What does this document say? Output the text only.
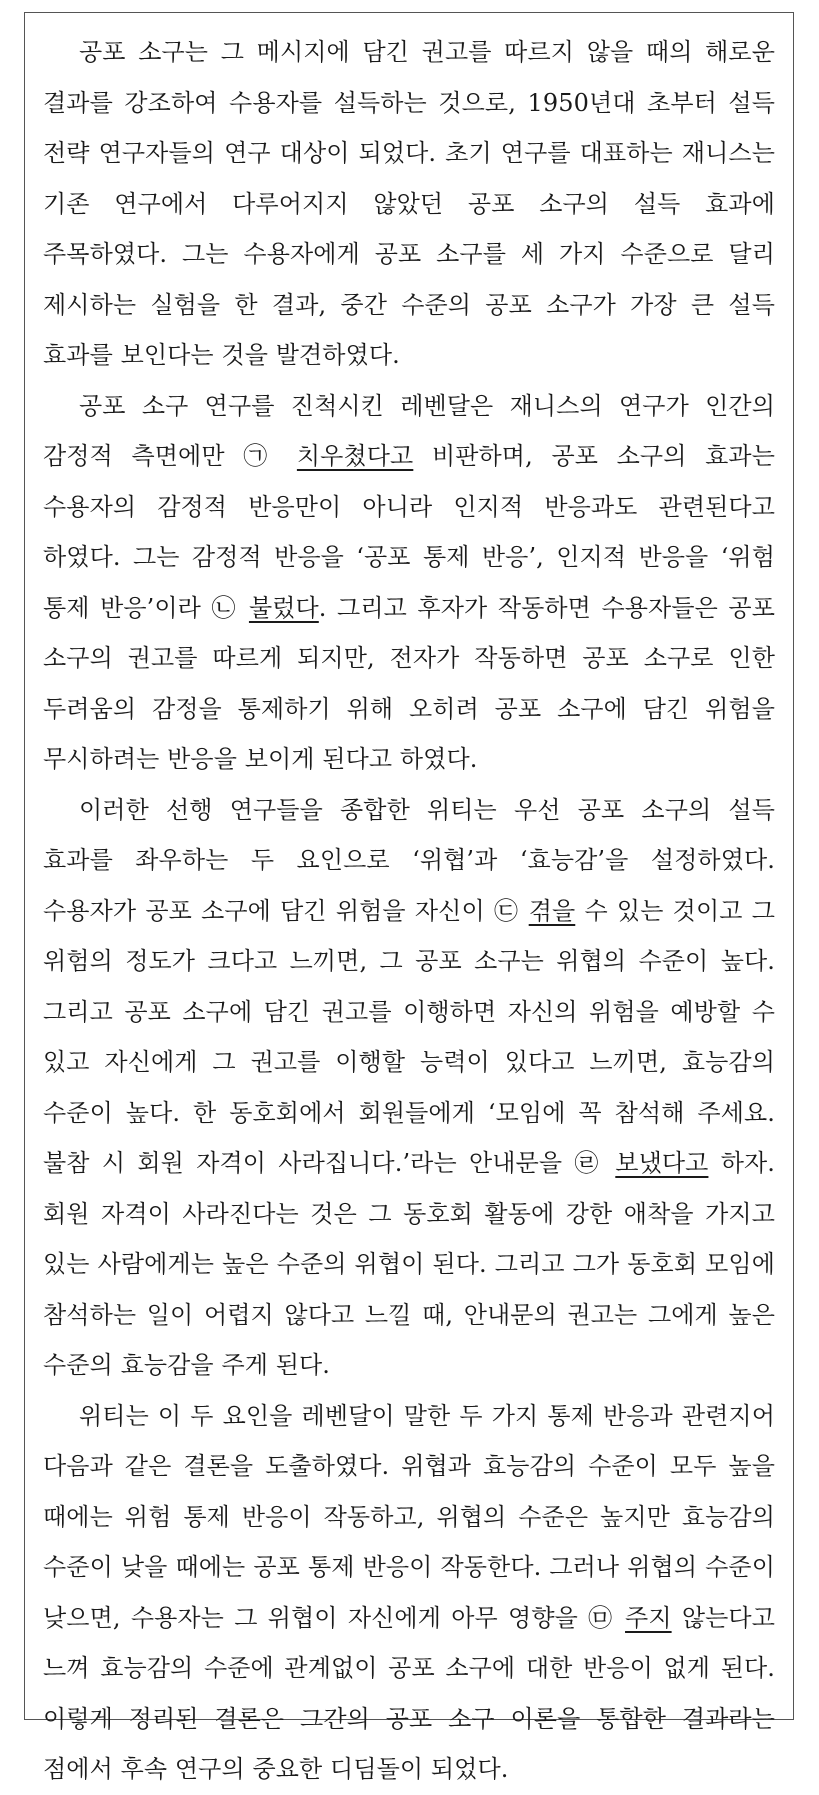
공포 소구는 그 메시지에 담긴 권고를 따르지 않을 때의 해로운 결과를 강조하여 수용자를 설득하는 것으로, 1950년대 초부터 설득 전략 연구자들의 연구 대상이 되었다. 초기 연구를 대표하는 재니스는 기존 연구에서 다루어지지 않았던 공포 소구의 설득 효과에 주목하였다. 그는 수용자에게 공포 소구를 세 가지 수준으로 달리 제시하는 실험을 한 결과, 중간 수준의 공포 소구가 가장 큰 설득 효과를 보인다는 것을 발견하였다.

공포 소구 연구를 진척시킨 레벤달은 재니스의 연구가 인간의 감정적 측면에만 ㉠ 치우쳤다고 비판하며, 공포 소구의 효과는 수용자의 감정적 반응만이 아니라 인지적 반응과도 관련된다고 하였다. 그는 감정적 반응을 ‘공포 통제 반응’, 인지적 반응을 ‘위험 통제 반응’이라 ㉡ 불렀다. 그리고 후자가 작동하면 수용자들은 공포 소구의 권고를 따르게 되지만, 전자가 작동하면 공포 소구로 인한 두려움의 감정을 통제하기 위해 오히려 공포 소구에 담긴 위험을 무시하려는 반응을 보이게 된다고 하였다.

이러한 선행 연구들을 종합한 위티는 우선 공포 소구의 설득 효과를 좌우하는 두 요인으로 ‘위협’과 ‘효능감’을 설정하였다. 수용자가 공포 소구에 담긴 위험을 자신이 ㉢ 겪을 수 있는 것이고 그 위험의 정도가 크다고 느끼면, 그 공포 소구는 위협의 수준이 높다. 그리고 공포 소구에 담긴 권고를 이행하면 자신의 위험을 예방할 수 있고 자신에게 그 권고를 이행할 능력이 있다고 느끼면, 효능감의 수준이 높다. 한 동호회에서 회원들에게 ‘모임에 꼭 참석해 주세요. 불참 시 회원 자격이 사라집니다.’라는 안내문을 ㉣ 보냈다고 하자. 회원 자격이 사라진다는 것은 그 동호회 활동에 강한 애착을 가지고 있는 사람에게는 높은 수준의 위협이 된다. 그리고 그가 동호회 모임에 참석하는 일이 어렵지 않다고 느낄 때, 안내문의 권고는 그에게 높은 수준의 효능감을 주게 된다.

위티는 이 두 요인을 레벤달이 말한 두 가지 통제 반응과 관련지어 다음과 같은 결론을 도출하였다. 위협과 효능감의 수준이 모두 높을 때에는 위험 통제 반응이 작동하고, 위협의 수준은 높지만 효능감의 수준이 낮을 때에는 공포 통제 반응이 작동한다. 그러나 위협의 수준이 낮으면, 수용자는 그 위협이 자신에게 아무 영향을 ㉤ 주지 않는다고 느껴 효능감의 수준에 관계없이 공포 소구에 대한 반응이 없게 된다. 이렇게 정리된 결론은 그간의 공포 소구 이론을 통합한 결과라는 점에서 후속 연구의 중요한 디딤돌이 되었다.
